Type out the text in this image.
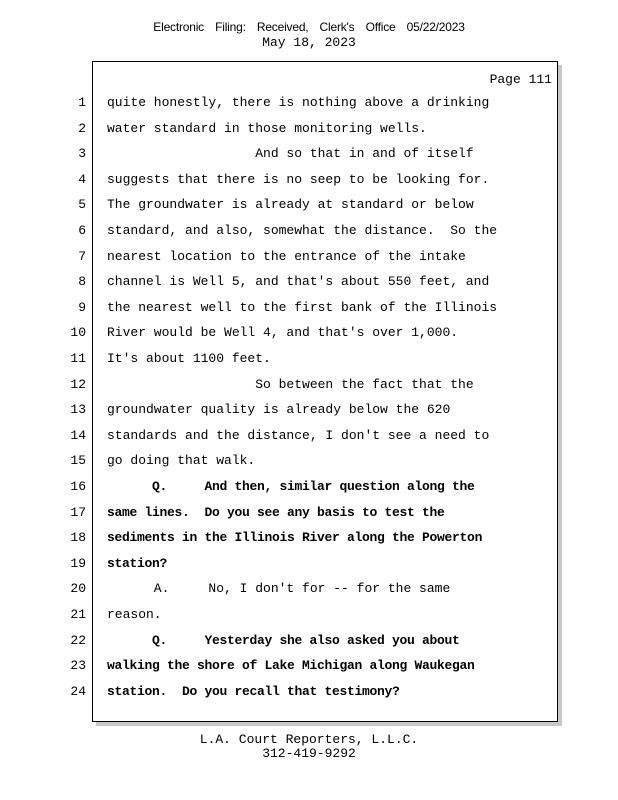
Electronic Filing: Received, Clerk's Office 05/22/2023
May 18, 2023
1
2
3
4
5
6
7
8
9
10
11
12
13
14
15
16
17
18
19
20
21
22
23
24
Page 111
quite honestly, there is nothing above a drinking
water standard in those monitoring wells.
And so that in and of itself
suggests that there is no seep to be looking for.
The groundwater is already at standard or below
standard, and also, somewhat the distance.  So the
nearest location to the entrance of the intake
channel is Well 5, and that's about 550 feet, and
the nearest well to the first bank of the Illinois
River would be Well 4, and that's over 1,000.
It's about 1100 feet.
So between the fact that the
groundwater quality is already below the 620
standards and the distance, I don't see a need to
go doing that walk.
Q.     And then, similar question along the
same lines.  Do you see any basis to test the
sediments in the Illinois River along the Powerton
station?
A.     No, I don't for -- for the same
reason.
Q.     Yesterday she also asked you about
walking the shore of Lake Michigan along Waukegan
station.  Do you recall that testimony?
L.A. Court Reporters, L.L.C.
312-419-9292
